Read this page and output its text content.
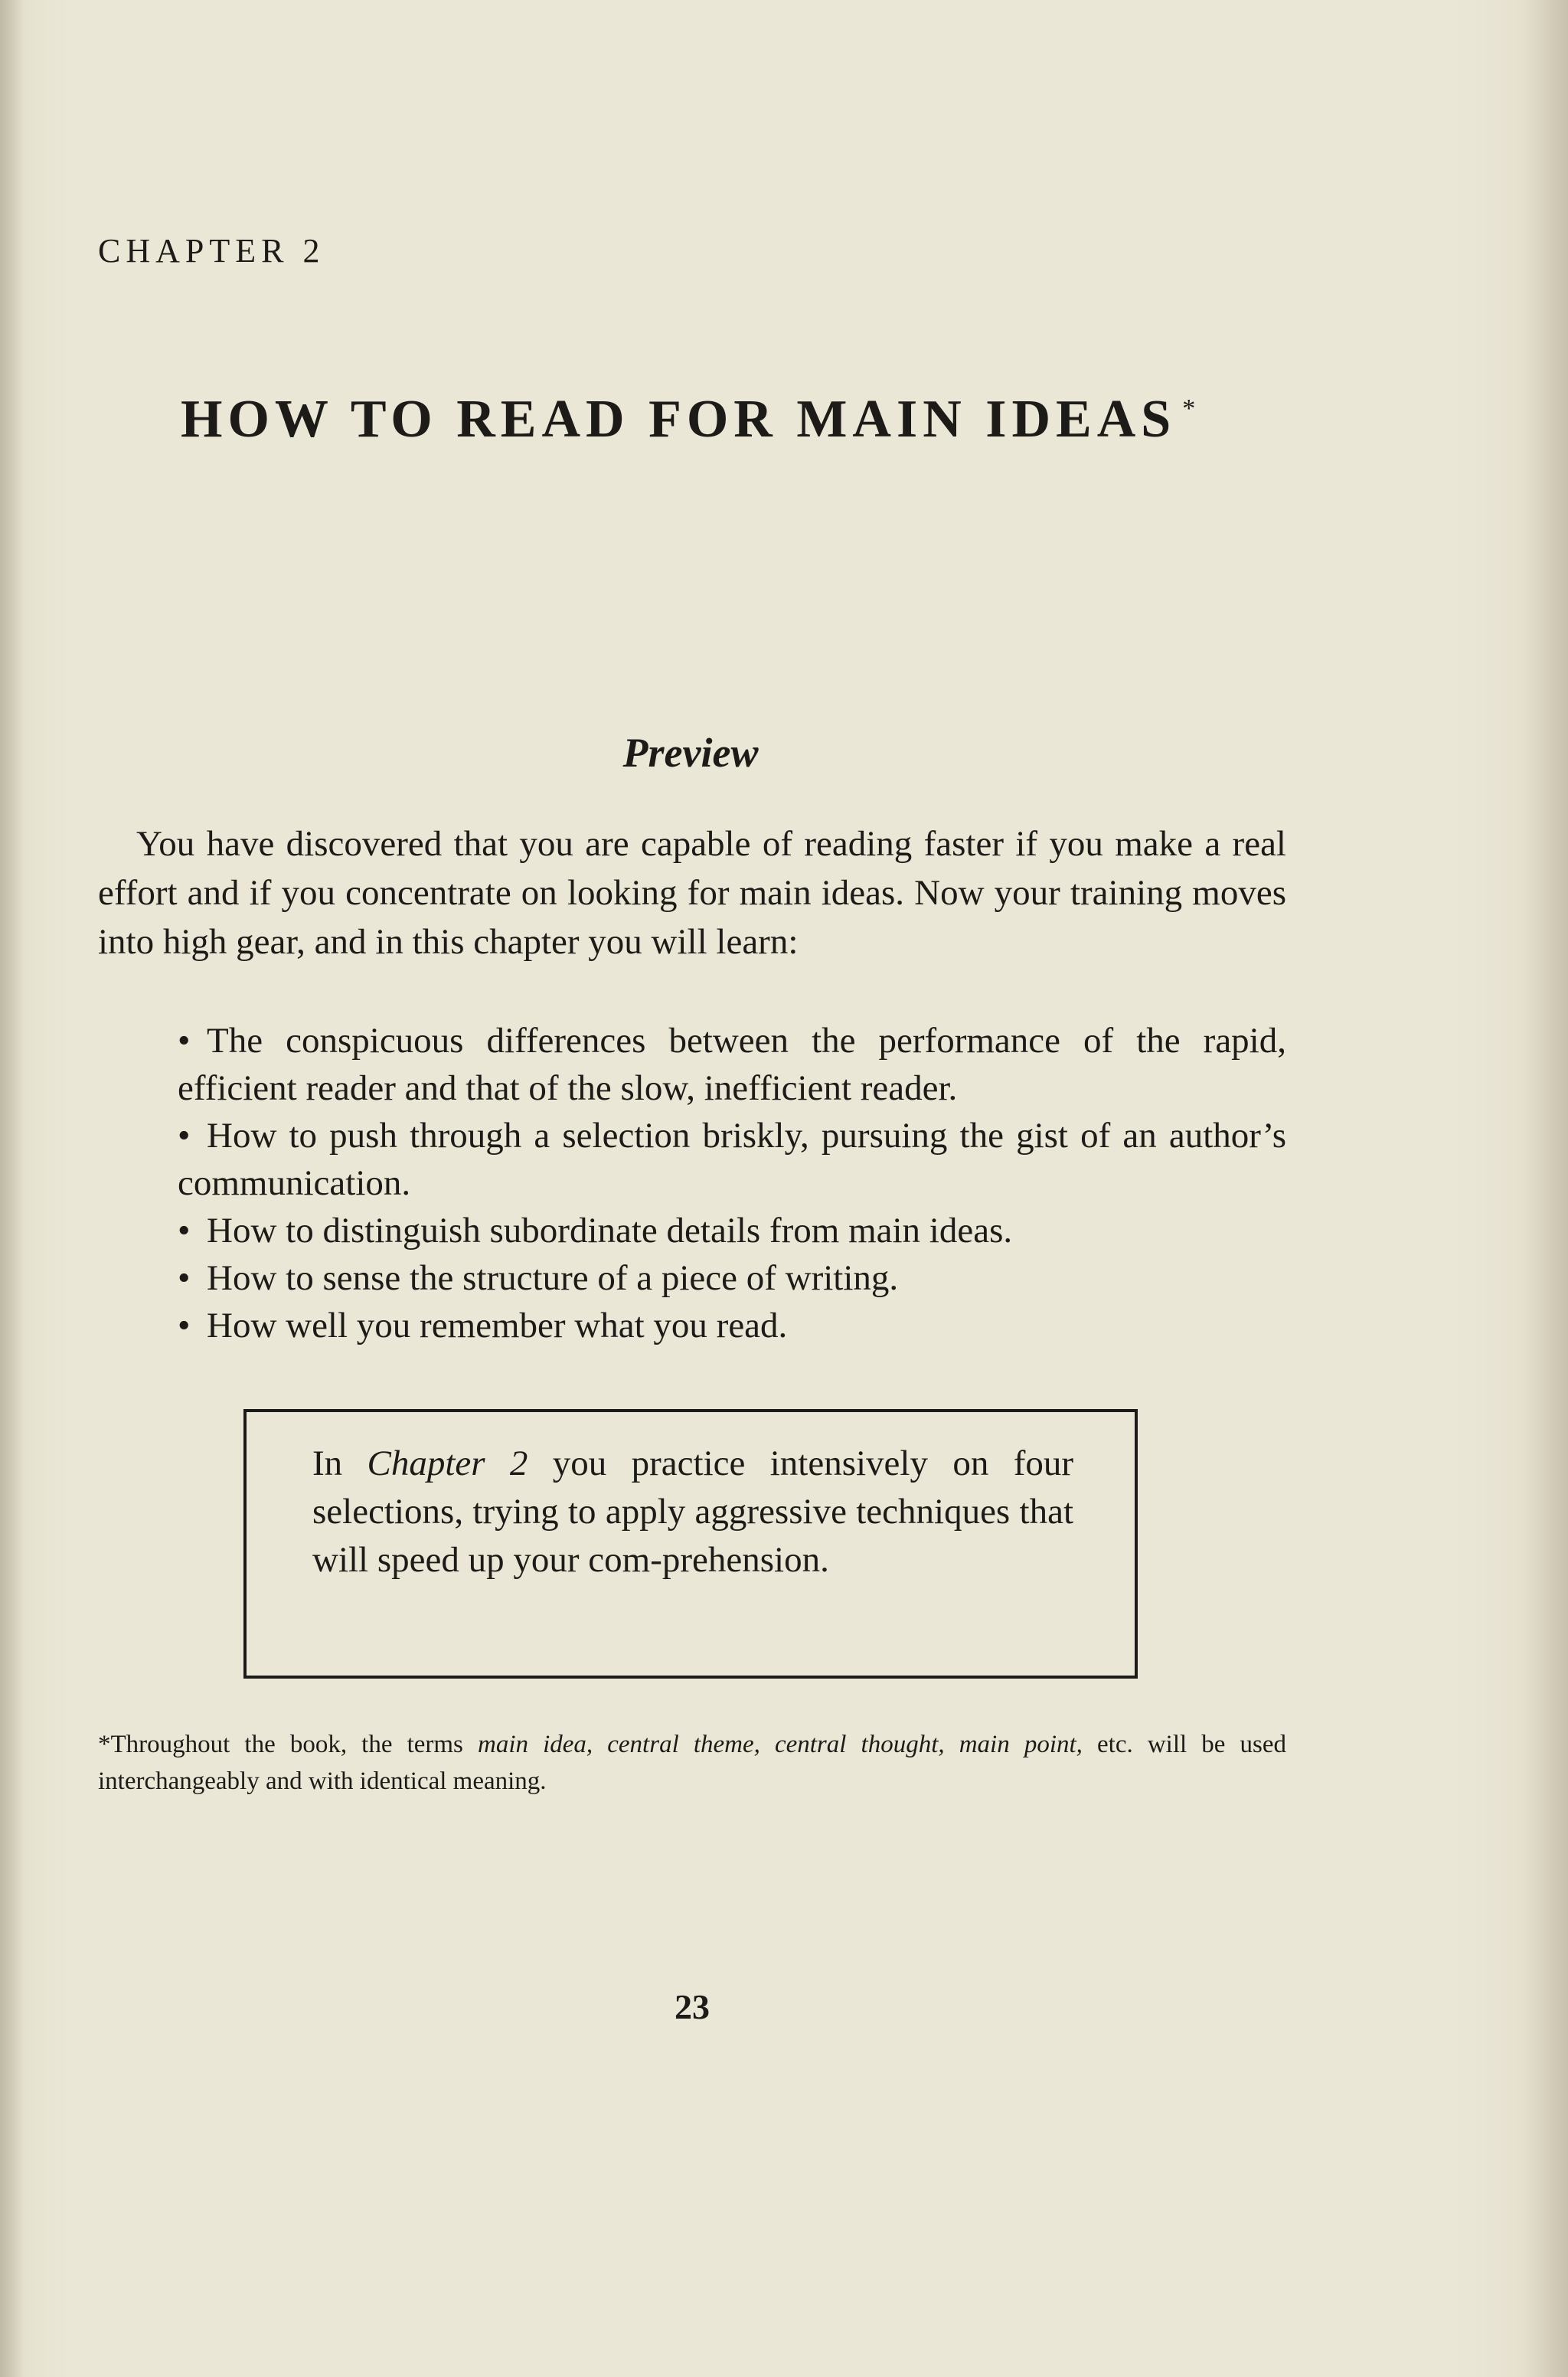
CHAPTER 2
HOW TO READ FOR MAIN IDEAS *
Preview

You have discovered that you are capable of reading faster if you make a real effort and if you concentrate on looking for main ideas. Now your training moves into high gear, and in this chapter you will learn:

• The conspicuous differences between the performance of the rapid, efficient reader and that of the slow, inefficient reader.
• How to push through a selection briskly, pursuing the gist of an author’s communication.
• How to distinguish subordinate details from main ideas.
• How to sense the structure of a piece of writing.
• How well you remember what you read.

In Chapter 2 you practice intensively on four selections, trying to apply aggressive techniques that will speed up your com-prehension.

*Throughout the book, the terms main idea, central theme, central thought, main point, etc. will be used interchangeably and with identical meaning.

23
